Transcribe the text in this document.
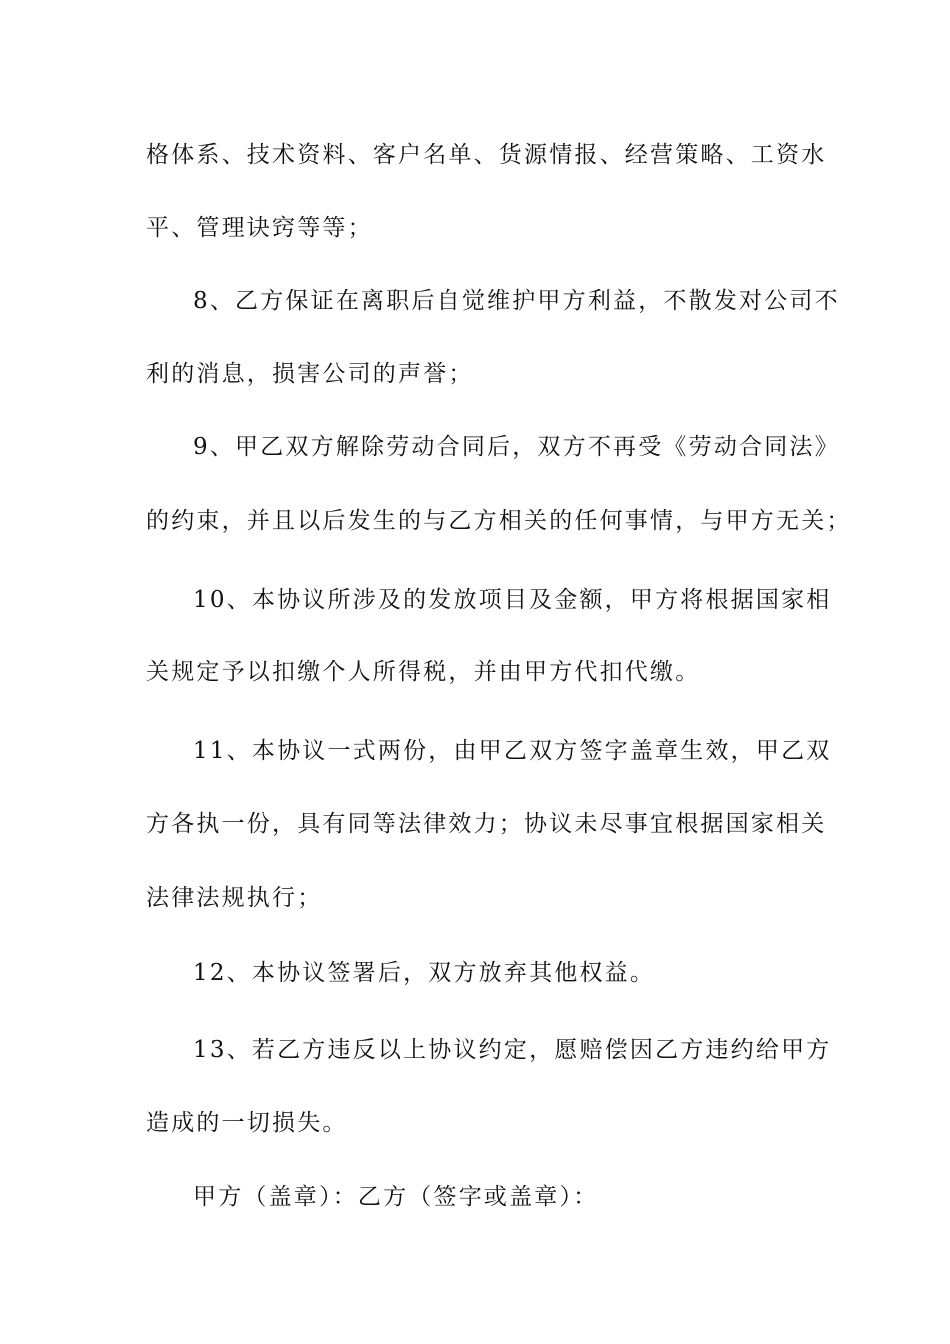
格体系、技术资料、客户名单、货源情报、经营策略、工资水
平、管理诀窍等等；
8、乙方保证在离职后自觉维护甲方利益，不散发对公司不
利的消息，损害公司的声誉；
9、甲乙双方解除劳动合同后，双方不再受《劳动合同法》
的约束，并且以后发生的与乙方相关的任何事情，与甲方无关；
10、本协议所涉及的发放项目及金额，甲方将根据国家相
关规定予以扣缴个人所得税，并由甲方代扣代缴。
11、本协议一式两份，由甲乙双方签字盖章生效，甲乙双
方各执一份，具有同等法律效力；协议未尽事宜根据国家相关
法律法规执行；
12、本协议签署后，双方放弃其他权益。
13、若乙方违反以上协议约定，愿赔偿因乙方违约给甲方
造成的一切损失。
甲方（盖章）：乙方（签字或盖章）：
